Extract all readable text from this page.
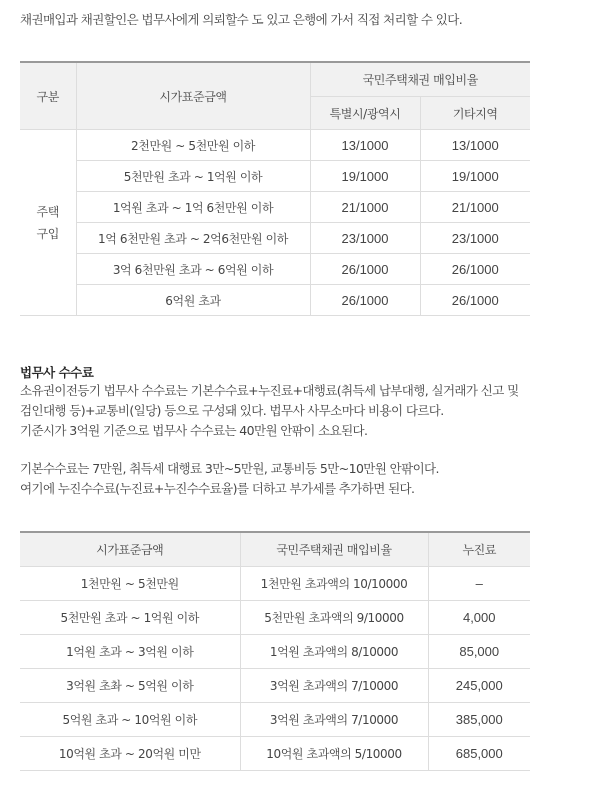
채권매입과 채권할인은 법무사에게 의뢰할수 도 있고 은행에 가서 직접 처리할 수 있다.

구분	시가표준금액	국민주택채권 매입비율	
		특별시/광역시	기타지역
주택
구입	2천만원 ~ 5천만원 이하	13/1000	13/1000
	5천만원 초과 ~ 1억원 이하	19/1000	19/1000
	1억원 초과 ~ 1억 6천만원 이하	21/1000	21/1000
	1억 6천만원 초과 ~ 2억6천만원 이하	23/1000	23/1000
	3억 6천만원 초과 ~ 6억원 이하	26/1000	26/1000
	6억원 초과	26/1000	26/1000

법무사 수수료

소유권이전등기 법무사 수수료는 기본수수료+누진료+대행료(취득세 납부대행, 실거래가 신고 및

검인대행 등)+교통비(일당) 등으로 구성돼 있다. 법무사 사무소마다 비용이 다르다.

기준시가 3억원 기준으로 법무사 수수료는 40만원 안팎이 소요된다.

기본수수료는 7만원, 취득세 대행료 3만~5만원, 교통비등 5만~10만원 안팎이다.

여기에 누진수수료(누진료+누진수수료율)를 더하고 부가세를 추가하면 된다.

시가표준금액	국민주택채권 매입비율	누진료
1천만원 ~ 5천만원	1천만원 초과액의 10/10000	–
5천만원 초과 ~ 1억원 이하	5천만원 초과액의 9/10000	4,000
1억원 초과 ~ 3억원 이하	1억원 초과액의 8/10000	85,000
3억원 초촤 ~ 5억원 이하	3억원 초과액의 7/10000	245,000
5억원 초과 ~ 10억원 이하	3억원 초과액의 7/10000	385,000
10억원 초과 ~ 20억원 미만	10억원 초과액의 5/10000	685,000
